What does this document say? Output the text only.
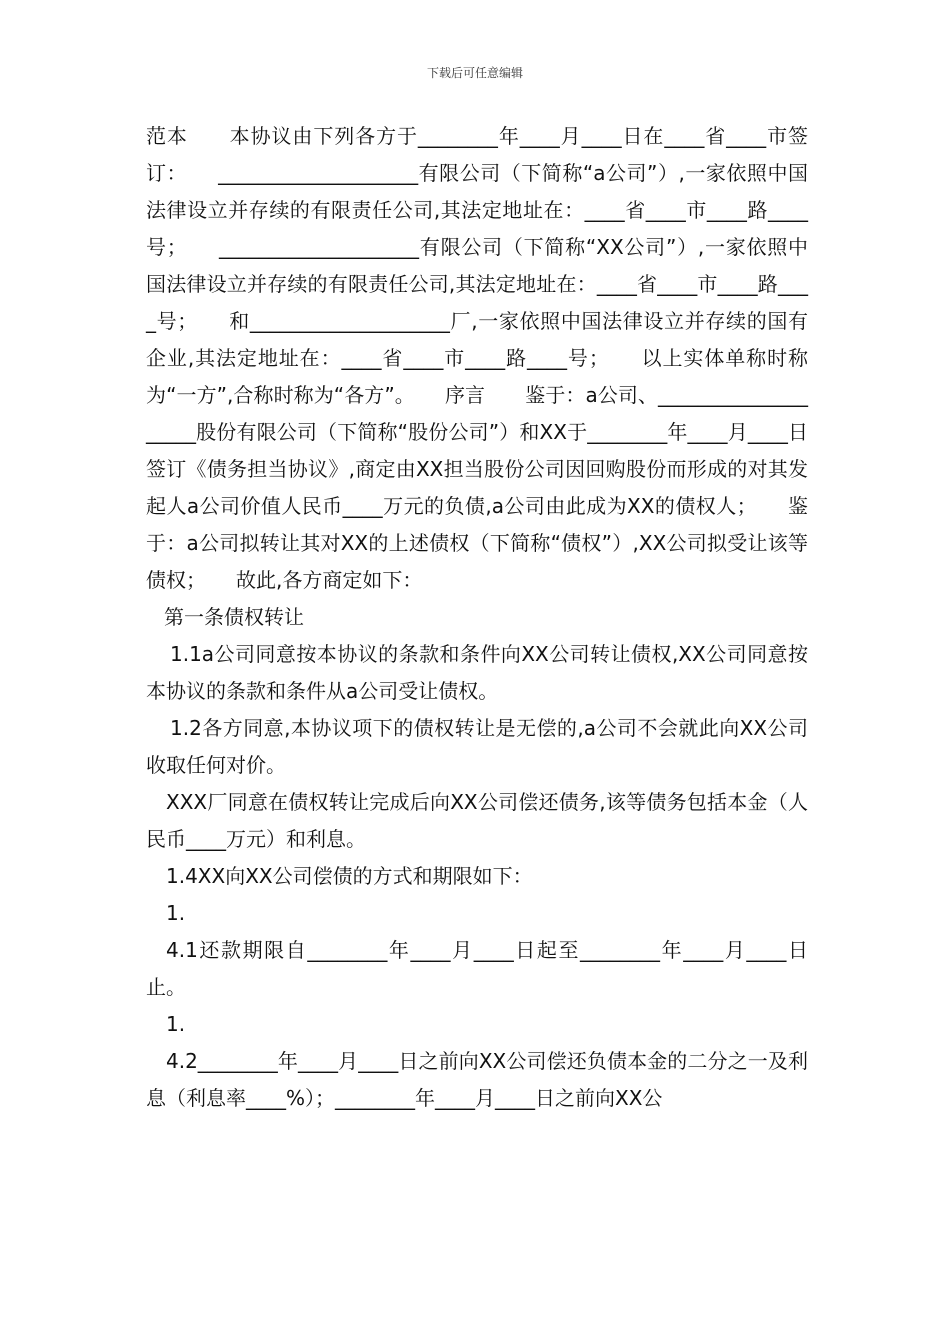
下载后可任意编辑

范本　　本协议由下列各方于________年____月____日在____省____市签订：　　____________________有限公司（下简称“a公司”）,一家依照中国法律设立并存续的有限责任公司,其法定地址在：____省____市____路____号；　　____________________有限公司（下简称“XX公司”）,一家依照中国法律设立并存续的有限责任公司,其法定地址在：____省____市____路____号；　　和____________________厂,一家依照中国法律设立并存续的国有企业,其法定地址在：____省____市____路____号；　　以上实体单称时称为“一方”,合称时称为“各方”。　　序言　　鉴于：a公司、____________________股份有限公司（下简称“股份公司”）和XX于________年____月____日签订《债务担当协议》,商定由XX担当股份公司因回购股份而形成的对其发起人a公司价值人民币____万元的负债,a公司由此成为XX的债权人；　　鉴于：a公司拟转让其对XX的上述债权（下简称“债权”）,XX公司拟受让该等债权；　　故此,各方商定如下：

第一条债权转让

1.1a公司同意按本协议的条款和条件向XX公司转让债权,XX公司同意按本协议的条款和条件从a公司受让债权。

1.2各方同意,本协议项下的债权转让是无偿的,a公司不会就此向XX公司收取任何对价。

XXX厂同意在债权转让完成后向XX公司偿还债务,该等债务包括本金（人民币____万元）和利息。

1.4XX向XX公司偿债的方式和期限如下：

1.

4.1还款期限自________年____月____日起至________年____月____日止。

1.

4.2________年____月____日之前向XX公司偿还负债本金的二分之一及利息（利息率____%）；________年____月____日之前向XX公
